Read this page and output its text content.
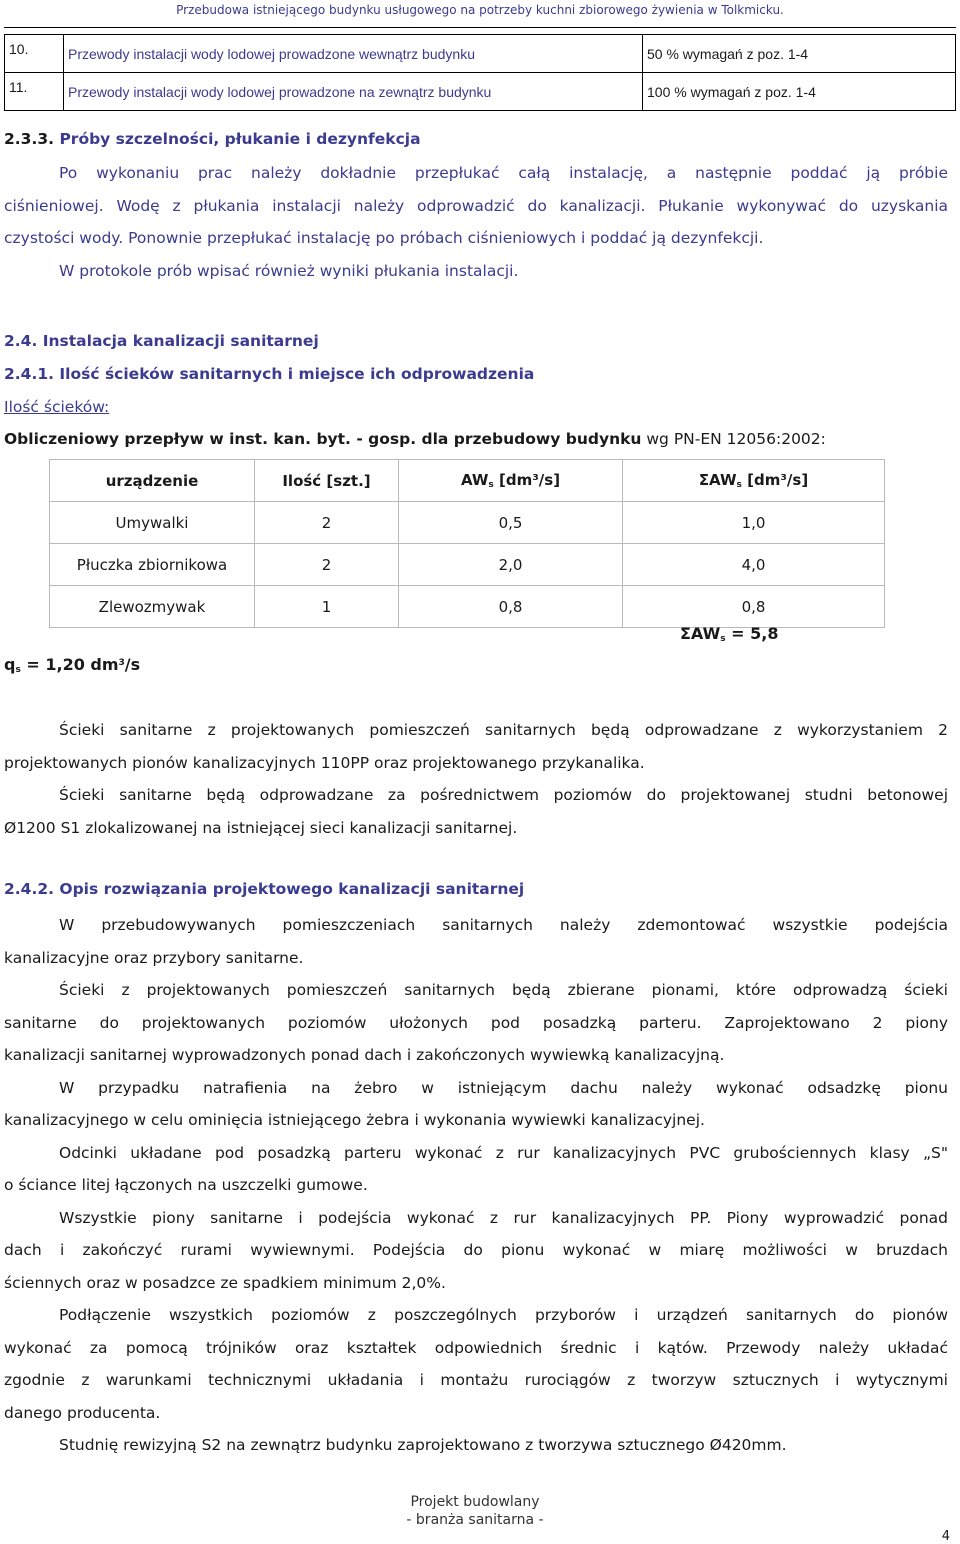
Przebudowa istniejącego budynku usługowego na potrzeby kuchni zbiorowego żywienia w Tolkmicku.
10.	Przewody instalacji wody lodowej prowadzone wewnątrz budynku	50 % wymagań z poz. 1-4
11.	Przewody instalacji wody lodowej prowadzone na zewnątrz budynku	100 % wymagań z poz. 1-4
2.3.3. Próby szczelności, płukanie i dezynfekcja
Po wykonaniu prac należy dokładnie przepłukać całą instalację, a następnie poddać ją próbie
ciśnieniowej. Wodę z płukania instalacji należy odprowadzić do kanalizacji. Płukanie wykonywać do uzyskania
czystości wody. Ponownie przepłukać instalację po próbach ciśnieniowych i poddać ją dezynfekcji.
W protokole prób wpisać również wyniki płukania instalacji.
2.4. Instalacja kanalizacji sanitarnej
2.4.1. Ilość ścieków sanitarnych i miejsce ich odprowadzenia
Ilość ścieków:
Obliczeniowy przepływ w inst. kan. byt. - gosp. dla przebudowy budynku wg PN-EN 12056:2002:
urządzenie	Ilość [szt.]	$AW_s$ [dm³/s]	$\Sigma AW_s$ [dm³/s]
Umywalki	2	0,5	1,0
Płuczka zbiornikowa	2	2,0	4,0
Zlewozmywak	1	0,8	0,8
$\Sigma AW_s = 5,8$
$q_s = 1,20$ $dm^3/s$
Ścieki sanitarne z projektowanych pomieszczeń sanitarnych będą odprowadzane z wykorzystaniem 2
projektowanych pionów kanalizacyjnych 110PP oraz projektowanego przykanalika.
Ścieki sanitarne będą odprowadzane za pośrednictwem poziomów do projektowanej studni betonowej
Ø1200 S1 zlokalizowanej na istniejącej sieci kanalizacji sanitarnej.
2.4.2. Opis rozwiązania projektowego kanalizacji sanitarnej
W przebudowywanych pomieszczeniach sanitarnych należy zdemontować wszystkie podejścia
kanalizacyjne oraz przybory sanitarne.
Ścieki z projektowanych pomieszczeń sanitarnych będą zbierane pionami, które odprowadzą ścieki
sanitarne do projektowanych poziomów ułożonych pod posadzką parteru. Zaprojektowano 2 piony
kanalizacji sanitarnej wyprowadzonych ponad dach i zakończonych wywiewką kanalizacyjną.
W przypadku natrafienia na żebro w istniejącym dachu należy wykonać odsadzkę pionu
kanalizacyjnego w celu ominięcia istniejącego żebra i wykonania wywiewki kanalizacyjnej.
Odcinki układane pod posadzką parteru wykonać z rur kanalizacyjnych PVC grubościennych klasy „S"
o ściance litej łączonych na uszczelki gumowe.
Wszystkie piony sanitarne i podejścia wykonać z rur kanalizacyjnych PP. Piony wyprowadzić ponad
dach i zakończyć rurami wywiewnymi. Podejścia do pionu wykonać w miarę możliwości w bruzdach
ściennych oraz w posadzce ze spadkiem minimum 2,0%.
Podłączenie wszystkich poziomów z poszczególnych przyborów i urządzeń sanitarnych do pionów
wykonać za pomocą trójników oraz kształtek odpowiednich średnic i kątów. Przewody należy układać
zgodnie z warunkami technicznymi układania i montażu rurociągów z tworzyw sztucznych i wytycznymi
danego producenta.
Studnię rewizyjną S2 na zewnątrz budynku zaprojektowano z tworzywa sztucznego Ø420mm.
Projekt budowlany
- branża sanitarna -
4
